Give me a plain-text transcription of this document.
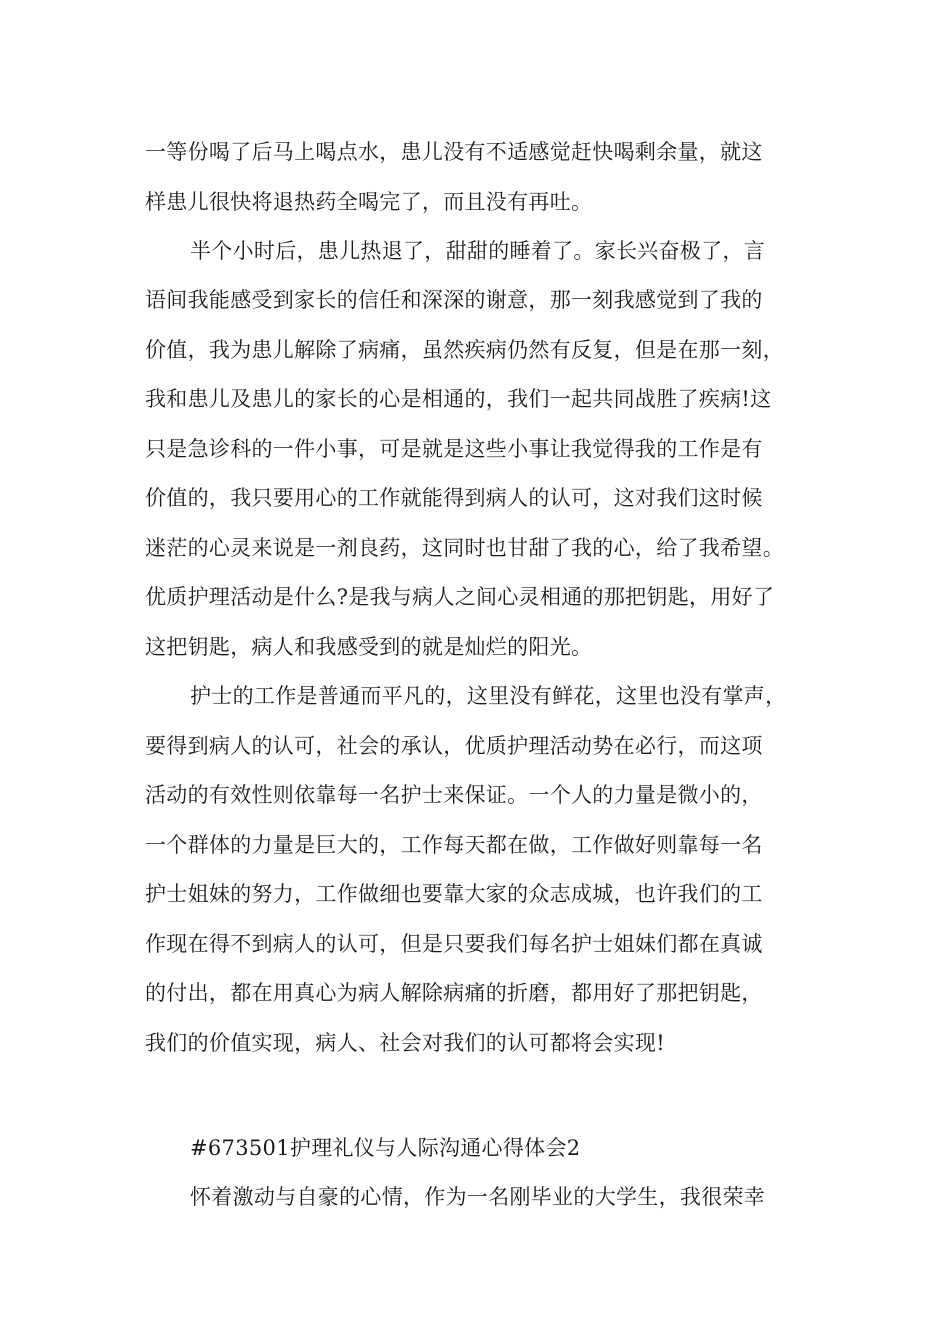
一等份喝了后马上喝点水，患儿没有不适感觉赶快喝剩余量，就这
样患儿很快将退热药全喝完了，而且没有再吐。
半个小时后，患儿热退了，甜甜的睡着了。家长兴奋极了，言
语间我能感受到家长的信任和深深的谢意，那一刻我感觉到了我的
价值，我为患儿解除了病痛，虽然疾病仍然有反复，但是在那一刻，
我和患儿及患儿的家长的心是相通的，我们一起共同战胜了疾病!这
只是急诊科的一件小事，可是就是这些小事让我觉得我的工作是有
价值的，我只要用心的工作就能得到病人的认可，这对我们这时候
迷茫的心灵来说是一剂良药，这同时也甘甜了我的心，给了我希望。
优质护理活动是什么?是我与病人之间心灵相通的那把钥匙，用好了
这把钥匙，病人和我感受到的就是灿烂的阳光。
护士的工作是普通而平凡的，这里没有鲜花，这里也没有掌声，
要得到病人的认可，社会的承认，优质护理活动势在必行，而这项
活动的有效性则依靠每一名护士来保证。一个人的力量是微小的，
一个群体的力量是巨大的，工作每天都在做，工作做好则靠每一名
护士姐妹的努力，工作做细也要靠大家的众志成城，也许我们的工
作现在得不到病人的认可，但是只要我们每名护士姐妹们都在真诚
的付出，都在用真心为病人解除病痛的折磨，都用好了那把钥匙，
我们的价值实现，病人、社会对我们的认可都将会实现!
#673501护理礼仪与人际沟通心得体会2
怀着激动与自豪的心情，作为一名刚毕业的大学生，我很荣幸
